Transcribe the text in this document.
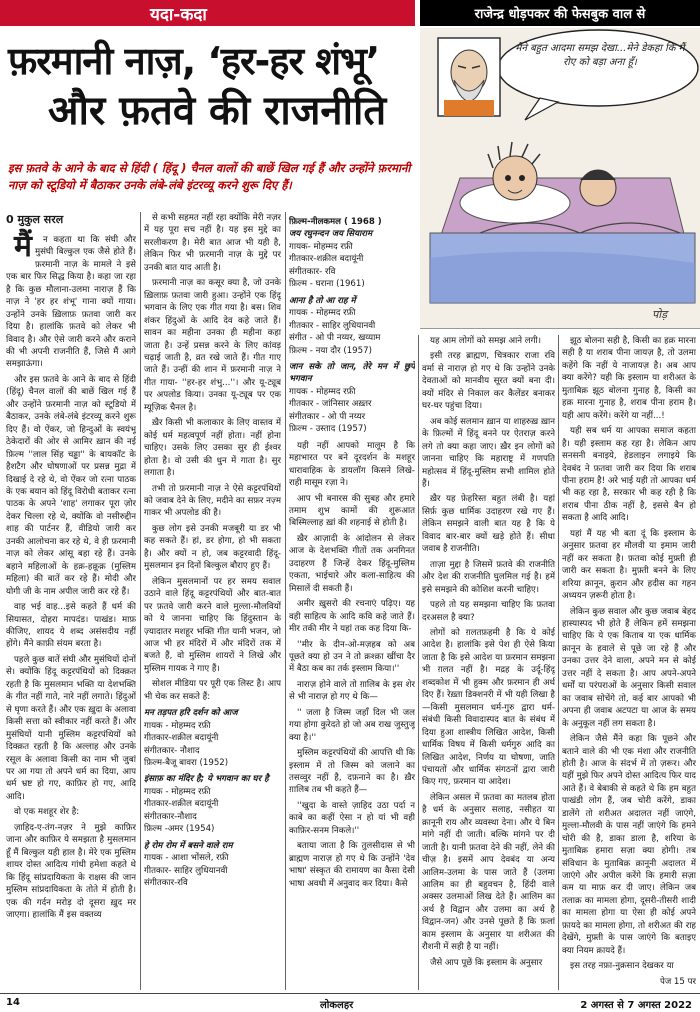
यदा-कदा	राजेन्द्र धोड़पकर की फेसबुक वाल से
फ़रमानी नाज़, ‘हर-हर शंभू’
और फ़तवे की राजनीति
इस फ़तवे के आने के बाद से हिंदी ( हिंदू ) चैनल वालों की बाछें खिल गई हैं और उन्होंने फ़रमानी नाज़ को स्टूडियो में बैठाकर उनके लंबे-लंबे इंटरव्यू करने शुरू दिए हैं।
मैंने बहुत आदमा समझ देखा...मेने डेकहा कि मैं रोए को बड़ा अना हूँ।
पोड़

0 मुकुल सरल

मैं न कहता था कि संघी और मुसंघी बिल्कुल एक जैसे होते हैं। फ़रमानी नाज़ के मामले ने इसे एक बार फिर सिद्ध किया है। कहा जा रहा है कि कुछ मौलाना-उलमा नाराज़ हैं कि नाज़ ने 'हर हर शंभू' गाना क्यों गाया। उन्होंने उनके ख़िलाफ़ फ़तवा जारी कर दिया है। हालांकि फ़तवे को लेकर भी विवाद है। और ऐसे जारी करने और कराने की भी अपनी राजनीति हैं, जिसे मैं आगे समझाऊंगा।

और इस फ़तवे के आने के बाद से हिंदी (हिंदू) चैनल वालों की बाछें खिल गई हैं और उन्होंने फ़रमानी नाज़ को स्टूडियो में बैठाकर, उनके लंबे-लंबे इंटरव्यू करने शुरू दिए हैं। वो ऐंकर, जो हिन्दुओं के स्वयंभू ठेकेदारों की ओर से आमिर ख़ान की नई फ़िल्म ''लाल सिंह चड्ढा'' के बायकॉट के हैशटैग और घोषणाओं पर प्रसन्न मुद्रा में दिखाई दे रहे थे, वो ऐंकर जो रत्ना पाठक के एक बयान को हिंदू विरोधी बताकर रत्ना पाठक के अपने 'शाह' लगाकर पूरा ज़ोर देकर चिल्ला रहे थे, क्योंकि वो नसीरुद्दीन शाह की पार्टनर हैं, वीडियो जारी कर उनकी आलोचना कर रहे थे, वे ही फ़रमानी नाज़ को लेकर आंसू बहा रहे हैं। उनके बहाने महिलाओं के हक़-हक़ूक़ (मुस्लिम महिला) की बातें कर रहे हैं। मोदी और योगी जी के नाम अपील जारी कर रहे हैं।

वाह भई वाह...इसे कहते हैं धर्म की सियासत, दोहरा मापदंड। पाखंड। माफ़ कीजिए, शायद ये शब्द असंसदीय नहीं होंगे। मैंने काफ़ी संयम बरता है।

पहले कुछ बातें संघी और मुसंघियों दोनों से। क्योंकि हिंदू कट्टरपंथियों को दिक्क़त रहती है कि मुसलमान भक्ति या देशभक्ति के गीत नहीं गाते, नारे नहीं लगाते। हिंदुओं से घृणा करते हैं। और एक ख़ुदा के अलावा किसी सत्ता को स्वीकार नहीं करते हैं। और मुसंघियों यानी मुस्लिम कट्टरपंथियों को दिक्क़त रहती है कि अल्लाह और उनके रसूल के अलावा किसी का नाम भी जुबां पर आ गया तो अपने धर्म का दिया, आप धर्म भ्रष्ट हो गए, काफ़िर हो गए, आदि आदि।

वो एक मशहूर शेर है:

ज़ाहिद-ए-तंग-नज़र ने मुझे काफ़िर जाना और काफ़िर ये समझता है मुसलमान हूँ मैं बिल्कुल यही हाल है। मेरे एक मुस्लिम शायर दोस्त आदित्य गांधी हमेशा कहते थे कि हिंदू सांप्रदायिकता के राक्षस की जान मुस्लिम सांप्रदायिकता के तोते में होती है। एक की गर्दन मरोड़ दो दूसरा ख़ुद मर जाएगा। हालांकि मैं इस वक्तव्य

से कभी सहमत नहीं रहा क्योंकि मेरी नज़र में यह पूरा सच नहीं है। यह इस मुद्दे का सरलीकरण है। मेरी बात आज भी यही है, लेकिन फिर भी फ़रमानी नाज़ के मुद्दे पर उनकी बात याद आती है।

फ़रमानी नाज़ का कसूर क्या है, जो उनके ख़िलाफ़ फ़तवा जारी हुआ। उन्होंने एक हिंदू भगवान के लिए एक गीत गया है। बस। शिव शंकर हिंदुओं के आदि देव कहे जाते हैं। सावन का महीना उनका ही महीना कहा जाता है। उन्हें प्रसन्न करने के लिए कांवड़ चढ़ाई जाती है, व्रत रखे जाते हैं। गीत गाए जाते हैं। उन्हीं की शान में फ़रमानी नाज़ ने गीत गाया- ''हर-हर शंभु...''। और यू-ट्यूब पर अपलोड किया। उनका यू-ट्यूब पर एक म्यूज़िक चैनल है।

ख़ैर किसी भी कलाकार के लिए वास्तव में कोई धर्म महत्वपूर्ण नहीं होता। नहीं होना चाहिए। उसके लिए उसका सुर ही ईश्वर होता है। वो उसी की धुन में गाता है। सुर लगाता है।

तभी तो फ़रमानी नाज़ ने ऐसे कट्टरपंथियों को जवाब देने के लिए, मदीने का सफ़र नज़्म गाकर भी अपलोड की है।

कुछ लोग इसे उनकी मजबूरी या डर भी कह सकते हैं। हां, डर होगा, हो भी सकता है। और क्यों न हो, जब कट्टरवादी हिंदू-मुसलमान इन दिनों बिल्कुल बौराए हुए हैं।

लेकिन मुसलमानों पर हर समय सवाल उठाने वाले हिंदू कट्टरपंथियों और बात-बात पर फ़तवे जारी करने वाले मुल्ला-मौलवियों को ये जानना चाहिए कि हिंदुस्तान के ज़्यादातर मशहूर भक्ति गीत यानी भजन, जो आज भी हर मंदिरों में और मंदिरों तक में बजते हैं, वो मुस्लिम शायरों ने लिखे और मुस्लिम गायक ने गाए हैं।

सोशल मीडिया पर पूरी एक लिस्ट है। आप भी चेक कर सकते हैं:

मन तड़पत हरि दर्शन को आज
गायक - मोहम्मद रफ़ी
गीतकार-शक़ील बदायूंनी
संगीतकार- नौशाद
फ़िल्म-बैजू बावरा (1952)
इंसाफ़ का मंदिर है; ये भगवान का घर है
गायक - मोहम्मद रफ़ी
गीतकार-शक़ील बदायूंनी
संगीतकार-नौशाद
फ़िल्म -अमर (1954)
हे रोम रोम में बसने वाले राम
गायक - आशा भोंसले, रफ़ी
गीतकार- साहिर लुधियानवी
संगीतकार-रवि
फ़िल्म-नीलकमल ( 1968 )
जय रघुनन्दन जय सियाराम
गायक- मोहम्मद रफ़ी
गीतकार-शक़ील बदायूंनी
संगीतकार- रवि
फ़िल्म - घराना (1961)
आना है तो आ राह में
गायक - मोहम्मद रफ़ी
गीतकार - साहिर लुधियानवी
संगीत - ओ पी नय्यर, खय्याम
फ़िल्म - नया दौर (1957)
जान सके तो जान, तेरे मन में छुपे भगवान
गायक - मोहम्मद रफ़ी
गीतकार - जांनिसार अख़्तर
संगीतकार - ओ पी नय्यर
फ़िल्म - उस्ताद (1957)

यही नहीं आपको मालूम है कि महाभारत पर बने दूरदर्शन के मशहूर धारावाहिक के डायलॉग किसने लिखे- राही मासूम रज़ा ने।

आप भी बनारस की सुबह और हमारे तमाम शुभ कामों की शुरूआत बिस्मिल्लाह ख़ां की शहनाई से होती है।

ख़ैर आज़ादी के आंदोलन से लेकर आज के देशभक्ति गीतों तक अनगिनत उदाहरण हैं जिन्हें देकर हिंदू-मुस्लिम एकता, भाईचारे और कला-साहित्य की मिसालें दी सकती हैं।

अमीर ख़ुसरो की रचनाएं पढ़िए। यह वही साहित्य के आदि कवि कहे जाते हैं। मीर तकी मीर ने यहां तक कह दिया कि-

''मीर के दीन-ओ-मज़हब को अब पूछते क्या हो उन ने तो क़श्क़ा खींचा दैर में बैठा कब का तर्क इस्लाम किया।''

नाराज़ होने वाले तो ग़ालिब के इस शेर से भी नाराज़ हो गए थे कि—

'' जला है जिस्म जहाँ दिल भी जल गया होगा कुरेदते हो जो अब राख जुस्तुजू क्या है।''

मुस्लिम कट्टरपंथियों की आपत्ति थी कि इस्लाम में तो जिस्म को जलाने का तसव्वुर नहीं है, दफ़नाने का है। ख़ैर ग़ालिब तब भी कहते हैं—

''खुदा के वास्ते ज़ाहिद उठा पर्दा न काबे का कहीं ऐसा न हो यां भी वही काफ़िर-सनम निकले।''

बताया जाता है कि तुलसीदास से भी ब्राह्मण नाराज़ हो गए थे कि उन्होंने 'देव भाषा' संस्कृत की रामायण का कैसा देसी भाषा अवधी में अनुवाद कर दिया। कैसे

यह आम लोगों को समझ आने लगी।

इसी तरह ब्राह्मण, चित्रकार राजा रवि वर्मा से नाराज़ हो गए थे कि उन्होंने उनके देवताओं को मानवीय सूरत क्यों बना दी। क्यों मंदिर से निकाल कर कैलेंडर बनाकर घर-घर पहुंचा दिया।

अब कोई सलमान ख़ान या शाहरुख़ ख़ान के फ़िल्मों में हिंदू बनने पर ऐतराज़ करने लगे तो क्या कहा जाए। ख़ैर इन लोगों को जानना चाहिए कि महाराष्ट्र में गणपति महोत्सव में हिंदू-मुस्लिम सभी शामिल होते हैं।

ख़ैर यह फ़ेहरिस्त बहुत लंबी है। यहां सिर्फ़ कुछ धार्मिक उदाहरण रखे गए हैं। लेकिन समझने वाली बात यह है कि ये विवाद बार-बार क्यों खड़े होते हैं। सीधा जवाब है राजनीति।

ताज़ा मुद्दा है जिसमें फ़तवे की राजनीति और देश की राजनीति घुलमिल गई है। हमें इसे समझने की कोशिश करनी चाहिए।

पहले तो यह समझना चाहिए कि फ़तवा दरअसल है क्या?

लोगों को ग़लतफ़हमी है कि ये कोई आदेश है। हालांकि इसे पेश ही ऐसे किया जाता है कि इसे आदेश या फ़रमान समझना भी ग़लत नहीं है। मद्रह के उर्दू-हिंदू शब्दकोश में भी हुक्म और फ़रमान ही अर्थ दिए हैं। रेख़्ता डिक्शनरी में भी यही लिखा है—किसी मुसलमान धर्म-गुरु द्वारा धर्म-संबंधी किसी विवादास्पद बात के संबंध में दिया हुआ शास्त्रीय लिखित आदेश, किसी धार्मिक विषय में किसी धर्मगुरु आदि का लिखित आदेश, निर्णय या घोषणा, जाति पंचायतों और धार्मिक संगठनों द्वारा जारी किए गए, फ़रमान या आदेश।

लेकिन असल में फ़तवा का मतलब होता है धर्म के अनुसार सलाह, नसीहत या क़ानूनी राय और व्यवस्था देना। और ये बिन मांगे नहीं दी जाती। बल्कि मांगने पर दी जाती है। यानी फ़तवा देने की नहीं, लेने की चीज़ है। इसमें आप देवबंद या अन्य आलिम-उलमा के पास जाते हैं (उलमा आलिम का ही बहुवचन है, हिंदी वाले अक्सर उलमाओं लिख देते हैं। आलिम का अर्थ है विद्वान और उलमा का अर्थ है विद्वान-जन) और उनसे पूछते हैं कि फ़लां काम इस्लाम के अनुसार या शरीअत की रौशनी में सही है या नहीं।

जैसे आप पूछें कि इस्लाम के अनुसार

झूठ बोलना सही है, किसी का हक़ मारना सही है या शराब पीना जायज़ है, तो उलमा कहेंगे कि नहीं ये नाजायज़ है। अब आप क्या करेंगे? यही कि इस्लाम या शरीअत के मुताबिक़ झूठ बोलना गुनाह है, किसी का हक़ मारना गुनाह है, शराब पीना हराम है। यही आप करेंगे। करेंगे या नहीं...!

यही सब धर्म या आपका समाज कहता है। यही इस्लाम कह रहा है। लेकिन आप सनसनी बनाइये, हेडलाइन लगाइये कि देवबंद ने फ़तवा जारी कर दिया कि शराब पीना हराम है! अरे भाई यही तो आपका धर्म भी कह रहा है, सरकार भी कह रही है कि शराब पीना ठीक नहीं है, इससे बैन हो सकता है आदि आदि।

यहां मैं यह भी बता दूं कि इस्लाम के अनुसार फ़तवा हर मौलवी या इमाम जारी नहीं कर सकता है। फ़तवा कोई मुफ़्ती ही जारी कर सकता है। मुफ़्ती बनने के लिए शरिया क़ानून, क़ुरान और हदीस का गहन अध्ययन ज़रूरी होता है।

लेकिन कुछ सवाल और कुछ जवाब बेहद हास्यास्पद भी होते हैं लेकिन हमें समझना चाहिए कि ये एक किताब या एक धार्मिक क़ानून के हवाले से पूछे जा रहे हैं और उनका उत्तर देने वाला, अपने मन से कोई उत्तर नहीं दे सकता है। आप अपने-अपने धर्मों या परंपराओं के अनुसार किसी सवाल का जवाब सोचेंगे तो, कई बार आपको भी अपना ही जवाब अटपटा या आज के समय के अनुकूल नहीं लग सकता है।

लेकिन जैसे मैंने कहा कि पूछने और बताने वाले की भी एक मंशा और राजनीति होती है। आज के संदर्भ में तो ज़रूर। और यहीं मुझे फिर अपने दोस्त आदित्य फिर याद आते हैं। वे बेबाकी से कहते थे कि हम बहुत पाखंडी लोग हैं, जब चोरी करेंगे, डाका डालेंगे तो शरीअत अदालत नहीं जाएंगे, मुल्ला-मौलवी के पास नहीं जाएंगे कि हमने चोरी की है, डाका डाला है, शरिया के मुताबिक़ हमारा सज़ा क्या होगी। तब संविधान के मुताबिक़ क़ानूनी अदालत में जाएंगे और अपील करेंगे कि हमारी सज़ा कम या माफ़ कर दी जाए। लेकिन जब तलाक़ का मामला होगा, दूसरी-तीसरी शादी का मामला होगा या ऐसा ही कोई अपने फ़ायदे का मामला होगा, तो शरीअत की राह देखेंगे, मुफ़्ती के पास जाएंगे कि बताइए क्या नियम क़ायदे हैं।

इस तरह नफ़ा-नुक़सान देखकर या

पेज 15 पर

14	लोकलहर	2 अगस्त से 7 अगस्त 2022
